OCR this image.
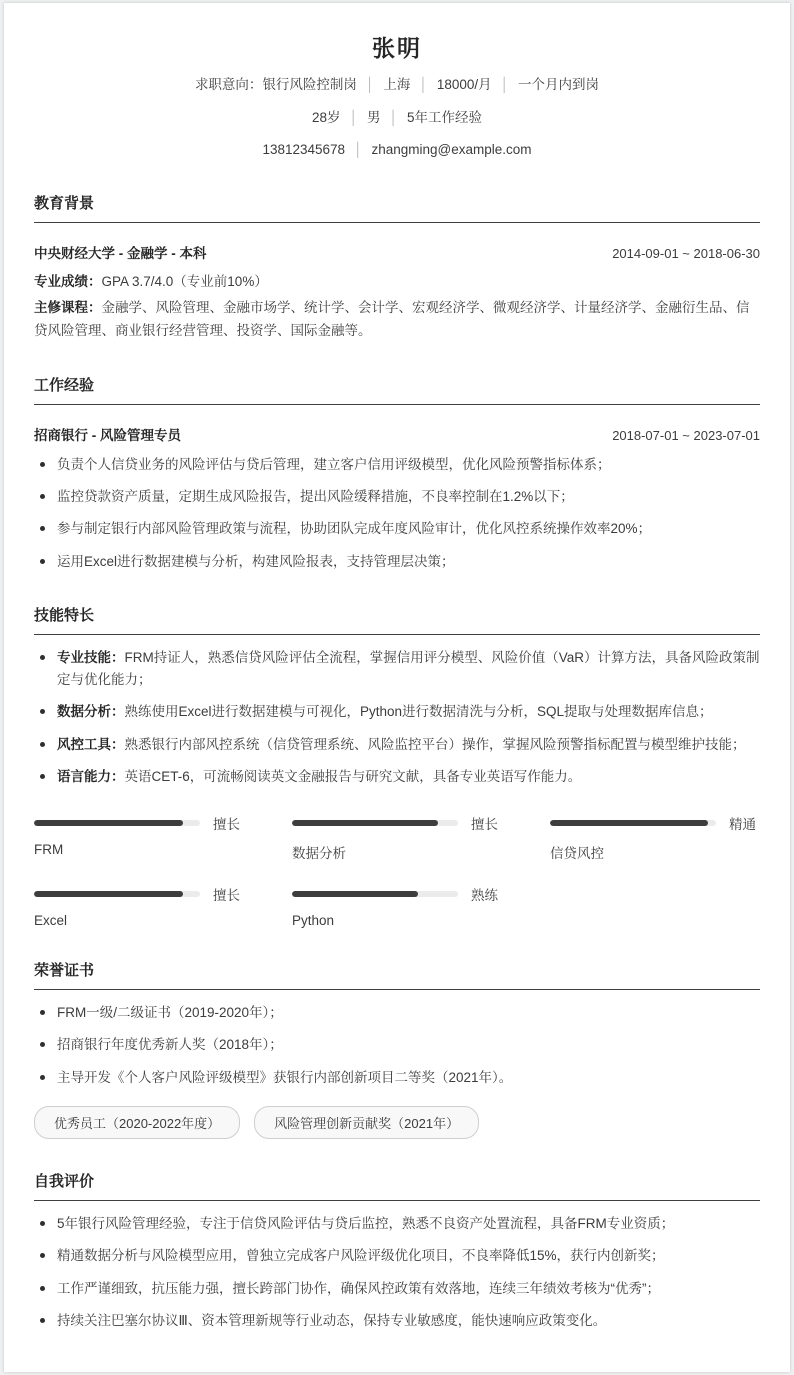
张明
求职意向：银行风险控制岗 │ 上海 │ 18000/月 │ 一个月内到岗
28岁 │ 男 │ 5年工作经验
13812345678 │ zhangming@example.com
教育背景
中央财经大学 - 金融学 - 本科	2014-09-01 ~ 2018-06-30
专业成绩：GPA 3.7/4.0（专业前10%）
主修课程：金融学、风险管理、金融市场学、统计学、会计学、宏观经济学、微观经济学、计量经济学、金融衍生品、信贷风险管理、商业银行经营管理、投资学、国际金融等。
工作经验
招商银行 - 风险管理专员	2018-07-01 ~ 2023-07-01
负责个人信贷业务的风险评估与贷后管理，建立客户信用评级模型，优化风险预警指标体系；
监控贷款资产质量，定期生成风险报告，提出风险缓释措施，不良率控制在1.2%以下；
参与制定银行内部风险管理政策与流程，协助团队完成年度风险审计，优化风控系统操作效率20%；
运用Excel进行数据建模与分析，构建风险报表，支持管理层决策；
技能特长
专业技能：FRM持证人，熟悉信贷风险评估全流程，掌握信用评分模型、风险价值（VaR）计算方法，具备风险政策制定与优化能力；
数据分析：熟练使用Excel进行数据建模与可视化，Python进行数据清洗与分析，SQL提取与处理数据库信息；
风控工具：熟悉银行内部风控系统（信贷管理系统、风险监控平台）操作，掌握风险预警指标配置与模型维护技能；
语言能力：英语CET-6，可流畅阅读英文金融报告与研究文献，具备专业英语写作能力。
擅长
FRM
擅长
数据分析
精通
信贷风控
擅长
Excel
熟练
Python
荣誉证书
FRM一级/二级证书（2019-2020年）；
招商银行年度优秀新人奖（2018年）；
主导开发《个人客户风险评级模型》获银行内部创新项目二等奖（2021年）。
优秀员工（2020-2022年度）	风险管理创新贡献奖（2021年）
自我评价
5年银行风险管理经验，专注于信贷风险评估与贷后监控，熟悉不良资产处置流程，具备FRM专业资质；
精通数据分析与风险模型应用，曾独立完成客户风险评级优化项目，不良率降低15%，获行内创新奖；
工作严谨细致，抗压能力强，擅长跨部门协作，确保风控政策有效落地，连续三年绩效考核为“优秀”；
持续关注巴塞尔协议Ⅲ、资本管理新规等行业动态，保持专业敏感度，能快速响应政策变化。
